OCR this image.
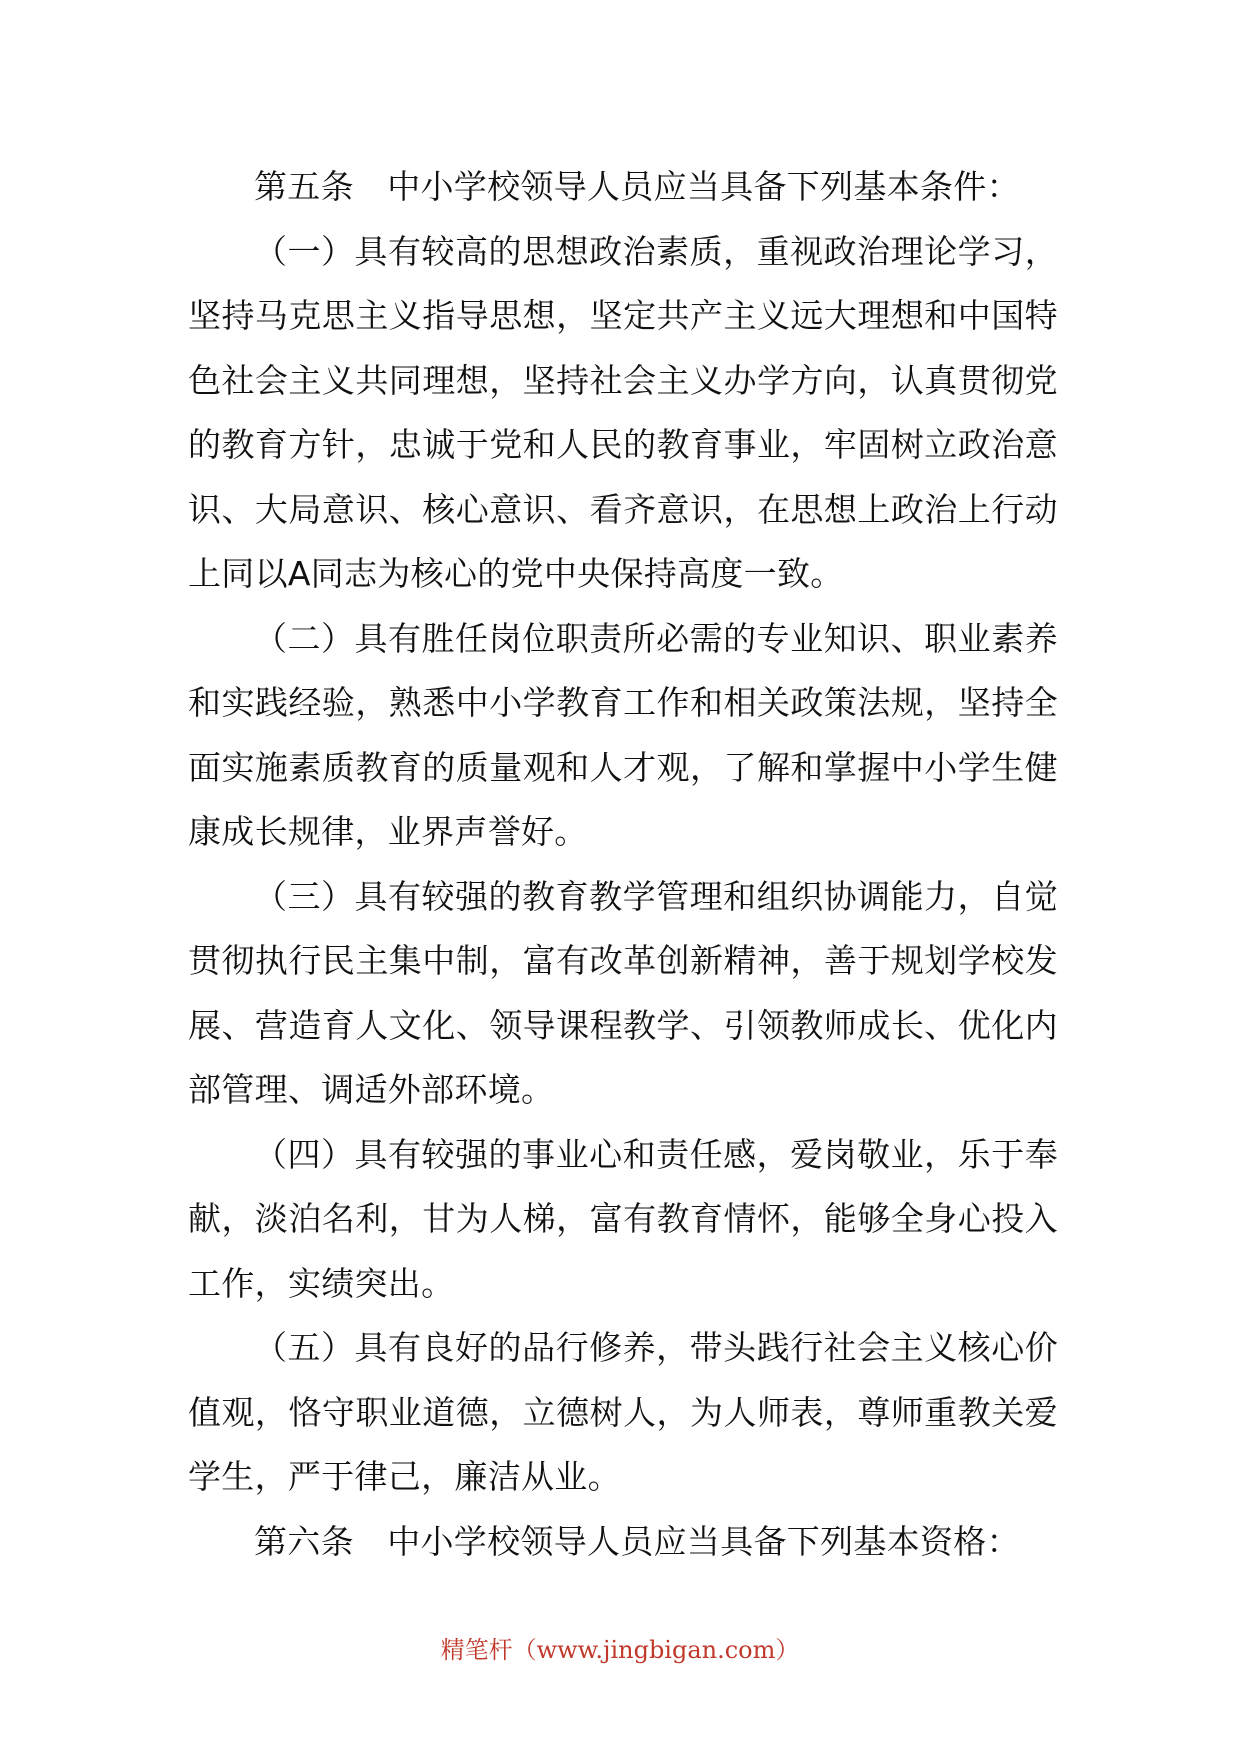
第五条　中小学校领导人员应当具备下列基本条件：

（一）具有较高的思想政治素质，重视政治理论学习，坚持马克思主义指导思想，坚定共产主义远大理想和中国特色社会主义共同理想，坚持社会主义办学方向，认真贯彻党的教育方针，忠诚于党和人民的教育事业，牢固树立政治意识、大局意识、核心意识、看齐意识，在思想上政治上行动上同以A同志为核心的党中央保持高度一致。

（二）具有胜任岗位职责所必需的专业知识、职业素养和实践经验，熟悉中小学教育工作和相关政策法规，坚持全面实施素质教育的质量观和人才观，了解和掌握中小学生健康成长规律，业界声誉好。

（三）具有较强的教育教学管理和组织协调能力，自觉贯彻执行民主集中制，富有改革创新精神，善于规划学校发展、营造育人文化、领导课程教学、引领教师成长、优化内部管理、调适外部环境。

（四）具有较强的事业心和责任感，爱岗敬业，乐于奉献，淡泊名利，甘为人梯，富有教育情怀，能够全身心投入工作，实绩突出。

（五）具有良好的品行修养，带头践行社会主义核心价值观，恪守职业道德，立德树人，为人师表，尊师重教关爱学生，严于律己，廉洁从业。

第六条　中小学校领导人员应当具备下列基本资格：

精笔杆（www.jingbigan.com）
